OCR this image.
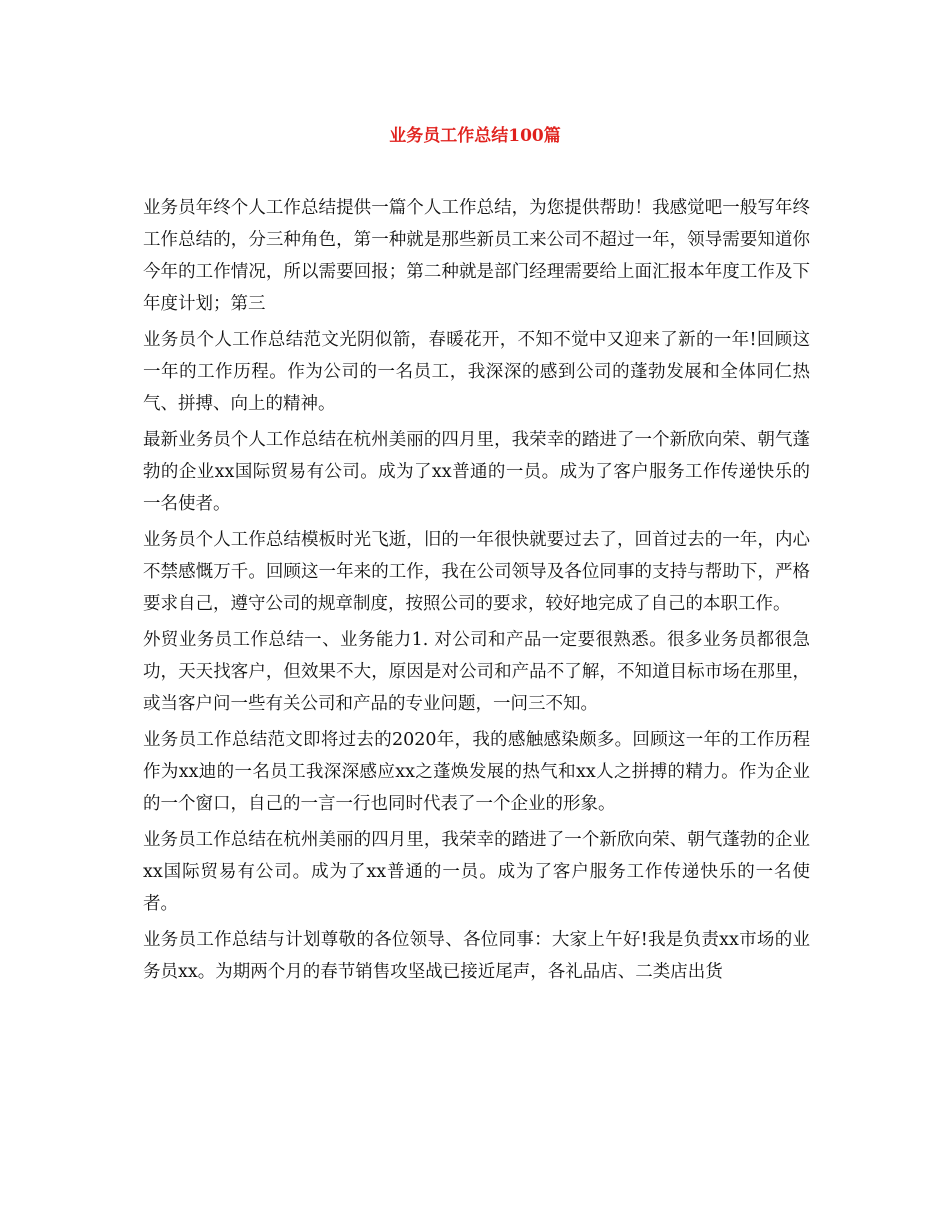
业务员工作总结100篇

业务员年终个人工作总结提供一篇个人工作总结，为您提供帮助！我感觉吧一般写年终工作总结的，分三种角色，第一种就是那些新员工来公司不超过一年，领导需要知道你今年的工作情况，所以需要回报；第二种就是部门经理需要给上面汇报本年度工作及下年度计划；第三

业务员个人工作总结范文光阴似箭，春暖花开，不知不觉中又迎来了新的一年!回顾这一年的工作历程。作为公司的一名员工，我深深的感到公司的蓬勃发展和全体同仁热气、拼搏、向上的精神。

最新业务员个人工作总结在杭州美丽的四月里，我荣幸的踏进了一个新欣向荣、朝气蓬勃的企业xx国际贸易有公司。成为了xx普通的一员。成为了客户服务工作传递快乐的一名使者。

业务员个人工作总结模板时光飞逝，旧的一年很快就要过去了，回首过去的一年，内心不禁感慨万千。回顾这一年来的工作，我在公司领导及各位同事的支持与帮助下，严格要求自己，遵守公司的规章制度，按照公司的要求，较好地完成了自己的本职工作。

外贸业务员工作总结一、业务能力1. 对公司和产品一定要很熟悉。很多业务员都很急功，天天找客户，但效果不大，原因是对公司和产品不了解，不知道目标市场在那里，或当客户问一些有关公司和产品的专业问题，一问三不知。

业务员工作总结范文即将过去的2020年，我的感触感染颇多。回顾这一年的工作历程作为xx迪的一名员工我深深感应xx之蓬焕发展的热气和xx人之拼搏的精力。作为企业的一个窗口，自己的一言一行也同时代表了一个企业的形象。

业务员工作总结在杭州美丽的四月里，我荣幸的踏进了一个新欣向荣、朝气蓬勃的企业xx国际贸易有公司。成为了xx普通的一员。成为了客户服务工作传递快乐的一名使者。

业务员工作总结与计划尊敬的各位领导、各位同事：大家上午好!我是负责xx市场的业务员xx。为期两个月的春节销售攻坚战已接近尾声，各礼品店、二类店出货
